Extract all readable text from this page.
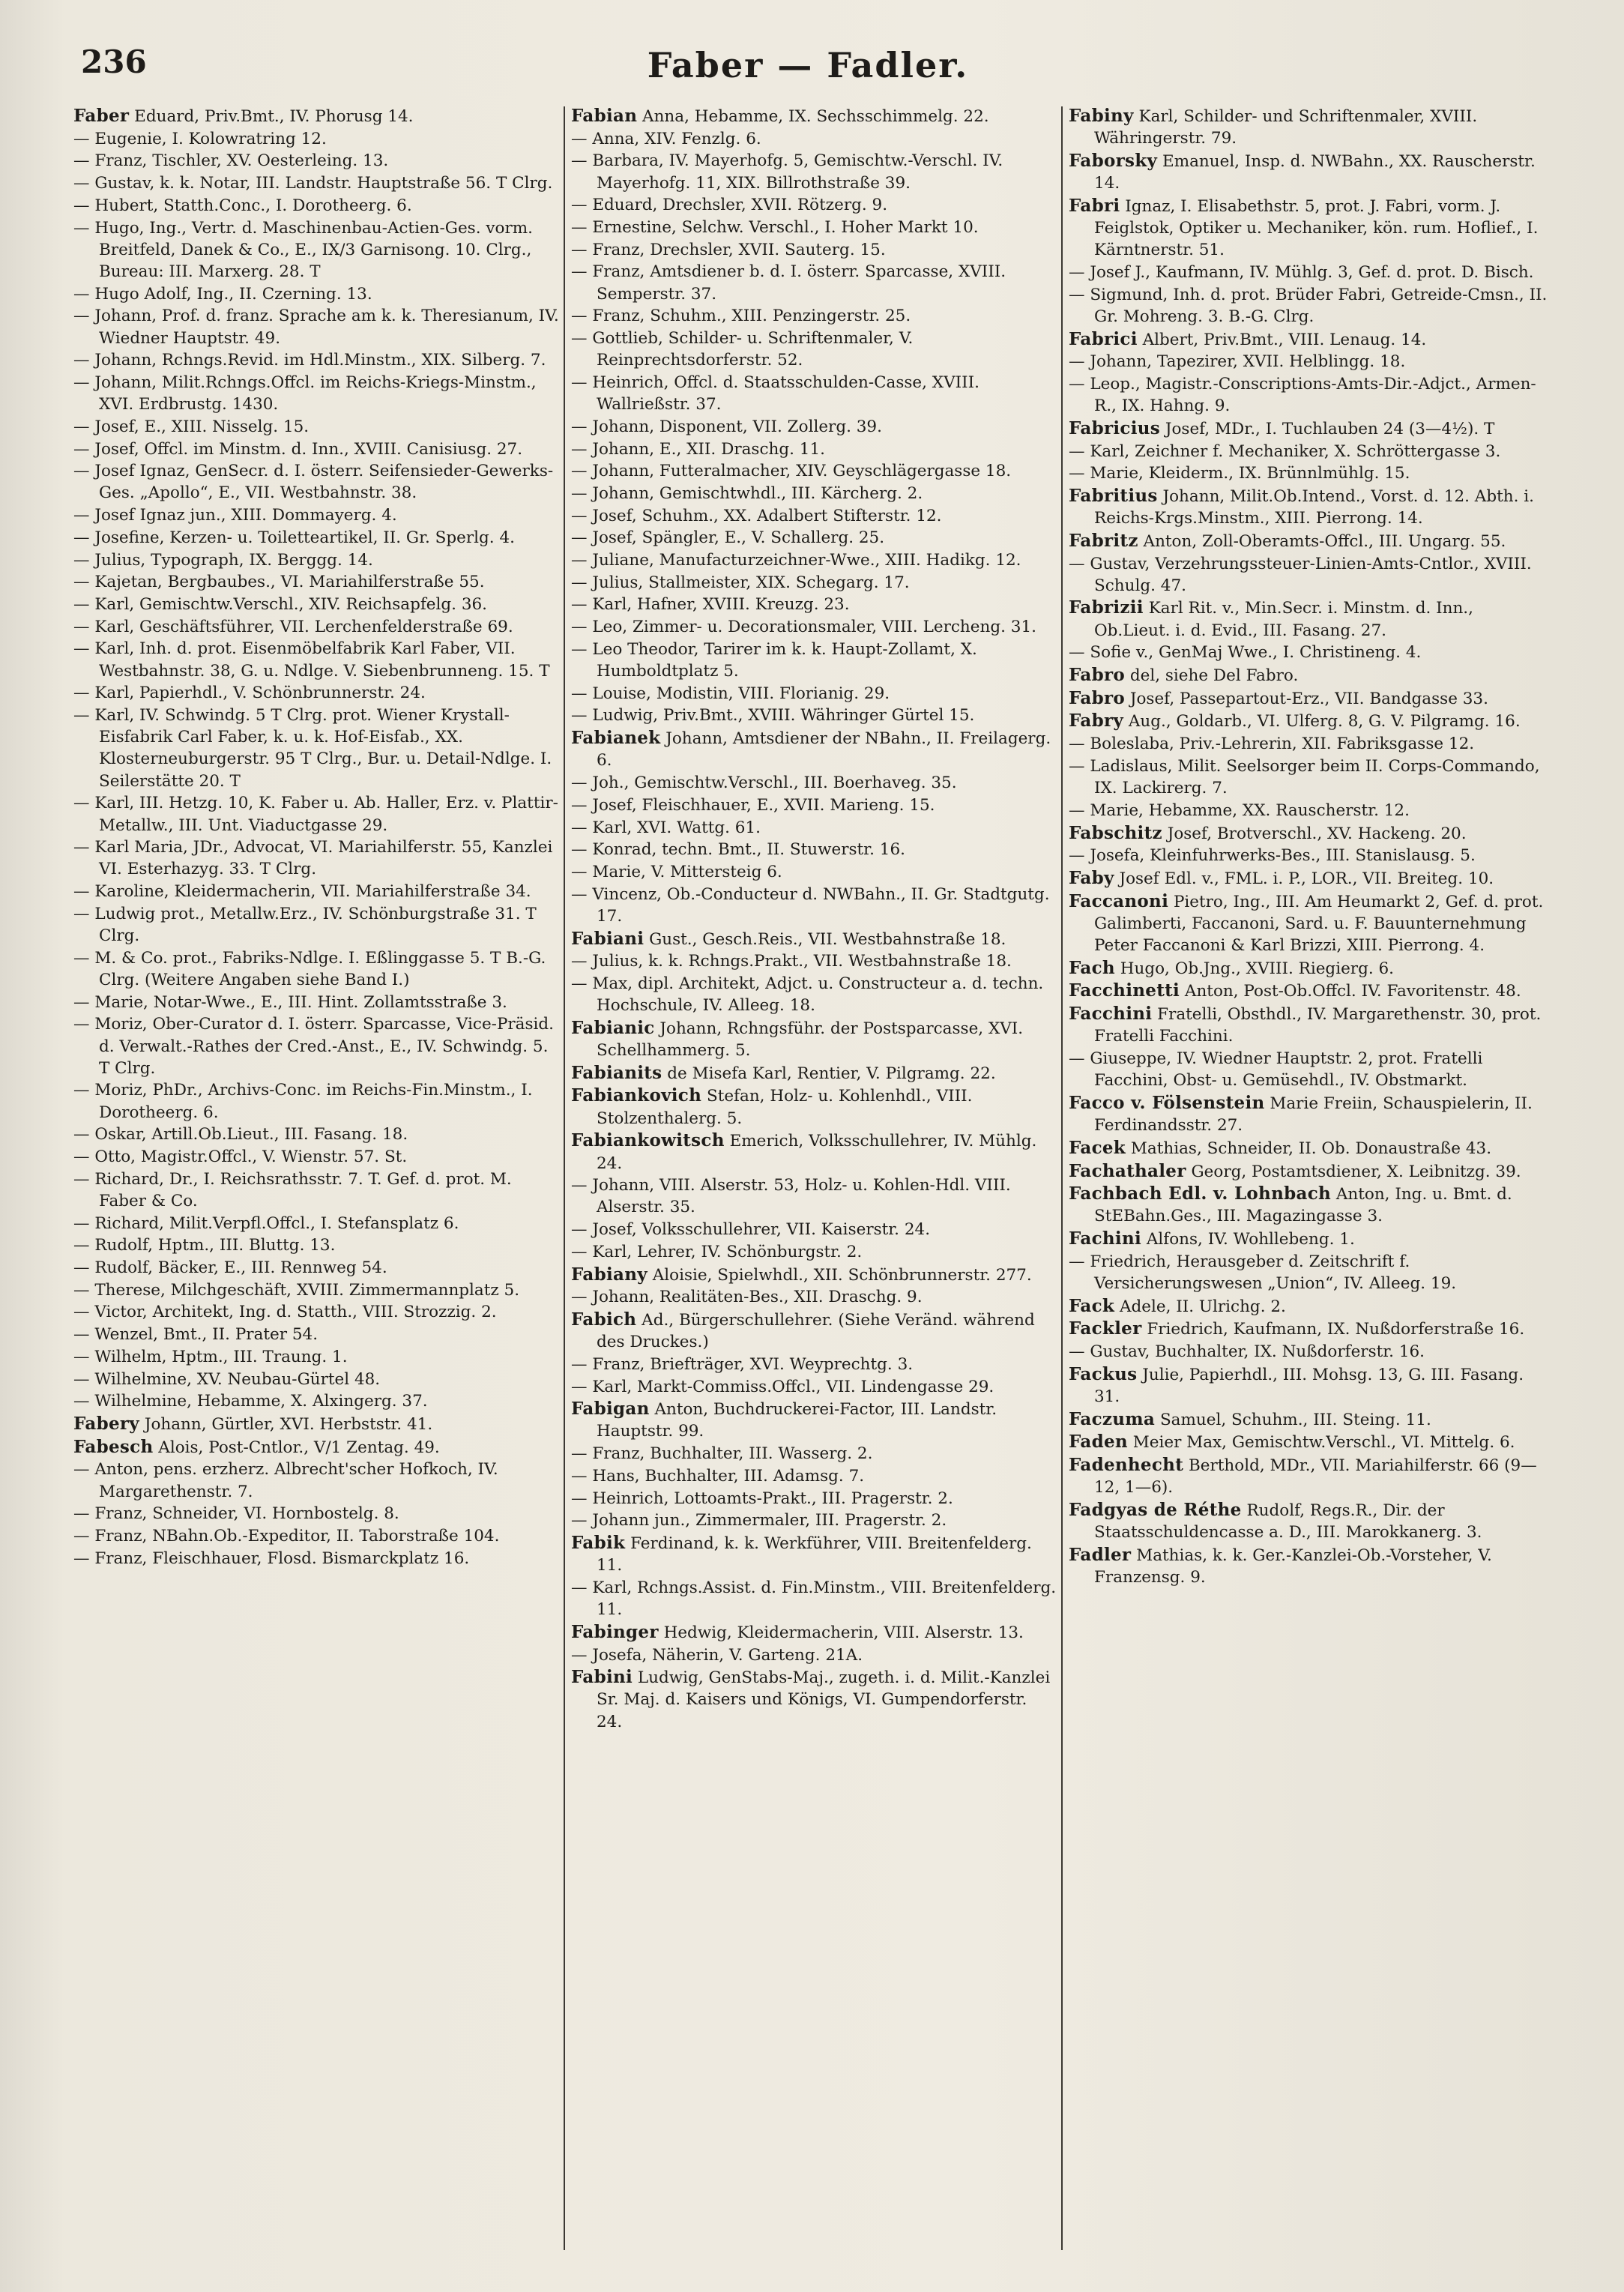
236	Faber — Fadler.
Faber Eduard, Priv.Bmt., IV. Phorusg 14.
— Eugenie, I. Kolowratring 12.
— Franz, Tischler, XV. Oesterleing. 13.
— Gustav, k. k. Notar, III. Landstr. Hauptstraße 56. T Clrg.
— Hubert, Statth.Conc., I. Dorotheerg. 6.
— Hugo, Ing., Vertr. d. Maschinenbau-Actien-Ges. vorm. Breitfeld, Danek & Co., E., IX/3 Garnisong. 10. Clrg., Bureau: III. Marxerg. 28. T
— Hugo Adolf, Ing., II. Czerning. 13.
— Johann, Prof. d. franz. Sprache am k. k. Theresianum, IV. Wiedner Hauptstr. 49.
— Johann, Rchngs.Revid. im Hdl.Minstm., XIX. Silberg. 7.
— Johann, Milit.Rchngs.Offcl. im Reichs-Kriegs-Minstm., XVI. Erdbrustg. 1430.
— Josef, E., XIII. Nisselg. 15.
— Josef, Offcl. im Minstm. d. Inn., XVIII. Canisiusg. 27.
— Josef Ignaz, GenSecr. d. I. österr. Seifensieder-Gewerks-Ges. „Apollo“, E., VII. Westbahnstr. 38.
— Josef Ignaz jun., XIII. Dommayerg. 4.
— Josefine, Kerzen- u. Toiletteartikel, II. Gr. Sperlg. 4.
— Julius, Typograph, IX. Berggg. 14.
— Kajetan, Bergbaubes., VI. Mariahilferstraße 55.
— Karl, Gemischtw.Verschl., XIV. Reichsapfelg. 36.
— Karl, Geschäftsführer, VII. Lerchenfelderstraße 69.
— Karl, Inh. d. prot. Eisenmöbelfabrik Karl Faber, VII. Westbahnstr. 38, G. u. Ndlge. V. Siebenbrunneng. 15. T
— Karl, Papierhdl., V. Schönbrunnerstr. 24.
— Karl, IV. Schwindg. 5 T Clrg. prot. Wiener Krystall-Eisfabrik Carl Faber, k. u. k. Hof-Eisfab., XX. Klosterneuburgerstr. 95 T Clrg., Bur. u. Detail-Ndlge. I. Seilerstätte 20. T
— Karl, III. Hetzg. 10, K. Faber u. Ab. Haller, Erz. v. Plattir-Metallw., III. Unt. Viaductgasse 29.
— Karl Maria, JDr., Advocat, VI. Mariahilferstr. 55, Kanzlei VI. Esterhazyg. 33. T Clrg.
— Karoline, Kleidermacherin, VII. Mariahilferstraße 34.
— Ludwig prot., Metallw.Erz., IV. Schönburgstraße 31. T Clrg.
— M. & Co. prot., Fabriks-Ndlge. I. Eßlinggasse 5. T B.-G. Clrg. (Weitere Angaben siehe Band I.)
— Marie, Notar-Wwe., E., III. Hint. Zollamtsstraße 3.
— Moriz, Ober-Curator d. I. österr. Sparcasse, Vice-Präsid. d. Verwalt.-Rathes der Cred.-Anst., E., IV. Schwindg. 5. T Clrg.
— Moriz, PhDr., Archivs-Conc. im Reichs-Fin.Minstm., I. Dorotheerg. 6.
— Oskar, Artill.Ob.Lieut., III. Fasang. 18.
— Otto, Magistr.Offcl., V. Wienstr. 57. St.
— Richard, Dr., I. Reichsrathsstr. 7. T. Gef. d. prot. M. Faber & Co.
— Richard, Milit.Verpfl.Offcl., I. Stefansplatz 6.
— Rudolf, Hptm., III. Bluttg. 13.
— Rudolf, Bäcker, E., III. Rennweg 54.
— Therese, Milchgeschäft, XVIII. Zimmermannplatz 5.
— Victor, Architekt, Ing. d. Statth., VIII. Strozzig. 2.
— Wenzel, Bmt., II. Prater 54.
— Wilhelm, Hptm., III. Traung. 1.
— Wilhelmine, XV. Neubau-Gürtel 48.
— Wilhelmine, Hebamme, X. Alxingerg. 37.
Fabery Johann, Gürtler, XVI. Herbststr. 41.
Fabesch Alois, Post-Cntlor., V/1 Zentag. 49.
— Anton, pens. erzherz. Albrecht'scher Hofkoch, IV. Margarethenstr. 7.
— Franz, Schneider, VI. Hornbostelg. 8.
— Franz, NBahn.Ob.-Expeditor, II. Taborstraße 104.
— Franz, Fleischhauer, Flosd. Bismarckplatz 16.
Fabian Anna, Hebamme, IX. Sechsschimmelg. 22.
— Anna, XIV. Fenzlg. 6.
— Barbara, IV. Mayerhofg. 5, Gemischtw.-Verschl. IV. Mayerhofg. 11, XIX. Billrothstraße 39.
— Eduard, Drechsler, XVII. Rötzerg. 9.
— Ernestine, Selchw. Verschl., I. Hoher Markt 10.
— Franz, Drechsler, XVII. Sauterg. 15.
— Franz, Amtsdiener b. d. I. österr. Sparcasse, XVIII. Semperstr. 37.
— Franz, Schuhm., XIII. Penzingerstr. 25.
— Gottlieb, Schilder- u. Schriftenmaler, V. Reinprechtsdorferstr. 52.
— Heinrich, Offcl. d. Staatsschulden-Casse, XVIII. Wallrießstr. 37.
— Johann, Disponent, VII. Zollerg. 39.
— Johann, E., XII. Draschg. 11.
— Johann, Futteralmacher, XIV. Geyschlägergasse 18.
— Johann, Gemischtwhdl., III. Kärcherg. 2.
— Josef, Schuhm., XX. Adalbert Stifterstr. 12.
— Josef, Spängler, E., V. Schallerg. 25.
— Juliane, Manufacturzeichner-Wwe., XIII. Hadikg. 12.
— Julius, Stallmeister, XIX. Schegarg. 17.
— Karl, Hafner, XVIII. Kreuzg. 23.
— Leo, Zimmer- u. Decorationsmaler, VIII. Lercheng. 31.
— Leo Theodor, Tarirer im k. k. Haupt-Zollamt, X. Humboldtplatz 5.
— Louise, Modistin, VIII. Florianig. 29.
— Ludwig, Priv.Bmt., XVIII. Währinger Gürtel 15.
Fabianek Johann, Amtsdiener der NBahn., II. Freilagerg. 6.
— Joh., Gemischtw.Verschl., III. Boerhaveg. 35.
— Josef, Fleischhauer, E., XVII. Marieng. 15.
— Karl, XVI. Wattg. 61.
— Konrad, techn. Bmt., II. Stuwerstr. 16.
— Marie, V. Mittersteig 6.
— Vincenz, Ob.-Conducteur d. NWBahn., II. Gr. Stadtgutg. 17.
Fabiani Gust., Gesch.Reis., VII. Westbahnstraße 18.
— Julius, k. k. Rchngs.Prakt., VII. Westbahnstraße 18.
— Max, dipl. Architekt, Adjct. u. Constructeur a. d. techn. Hochschule, IV. Alleeg. 18.
Fabianic Johann, Rchngsführ. der Postsparcasse, XVI. Schellhammerg. 5.
Fabianits de Misefa Karl, Rentier, V. Pilgramg. 22.
Fabiankovich Stefan, Holz- u. Kohlenhdl., VIII. Stolzenthalerg. 5.
Fabiankowitsch Emerich, Volksschullehrer, IV. Mühlg. 24.
— Johann, VIII. Alserstr. 53, Holz- u. Kohlen-Hdl. VIII. Alserstr. 35.
— Josef, Volksschullehrer, VII. Kaiserstr. 24.
— Karl, Lehrer, IV. Schönburgstr. 2.
Fabiany Aloisie, Spielwhdl., XII. Schönbrunnerstr. 277.
— Johann, Realitäten-Bes., XII. Draschg. 9.
Fabich Ad., Bürgerschullehrer. (Siehe Veränd. während des Druckes.)
— Franz, Briefträger, XVI. Weyprechtg. 3.
— Karl, Markt-Commiss.Offcl., VII. Lindengasse 29.
Fabigan Anton, Buchdruckerei-Factor, III. Landstr. Hauptstr. 99.
— Franz, Buchhalter, III. Wasserg. 2.
— Hans, Buchhalter, III. Adamsg. 7.
— Heinrich, Lottoamts-Prakt., III. Pragerstr. 2.
— Johann jun., Zimmermaler, III. Pragerstr. 2.
Fabik Ferdinand, k. k. Werkführer, VIII. Breitenfelderg. 11.
— Karl, Rchngs.Assist. d. Fin.Minstm., VIII. Breitenfelderg. 11.
Fabinger Hedwig, Kleidermacherin, VIII. Alserstr. 13.
— Josefa, Näherin, V. Garteng. 21A.
Fabini Ludwig, GenStabs-Maj., zugeth. i. d. Milit.-Kanzlei Sr. Maj. d. Kaisers und Königs, VI. Gumpendorferstr. 24.
Fabiny Karl, Schilder- und Schriftenmaler, XVIII. Währingerstr. 79.
Faborsky Emanuel, Insp. d. NWBahn., XX. Rauscherstr. 14.
Fabri Ignaz, I. Elisabethstr. 5, prot. J. Fabri, vorm. J. Feiglstok, Optiker u. Mechaniker, kön. rum. Hoflief., I. Kärntnerstr. 51.
— Josef J., Kaufmann, IV. Mühlg. 3, Gef. d. prot. D. Bisch.
— Sigmund, Inh. d. prot. Brüder Fabri, Getreide-Cmsn., II. Gr. Mohreng. 3. B.-G. Clrg.
Fabrici Albert, Priv.Bmt., VIII. Lenaug. 14.
— Johann, Tapezirer, XVII. Helblingg. 18.
— Leop., Magistr.-Conscriptions-Amts-Dir.-Adjct., Armen-R., IX. Hahng. 9.
Fabricius Josef, MDr., I. Tuchlauben 24 (3—4½). T
— Karl, Zeichner f. Mechaniker, X. Schröttergasse 3.
— Marie, Kleiderm., IX. Brünnlmühlg. 15.
Fabritius Johann, Milit.Ob.Intend., Vorst. d. 12. Abth. i. Reichs-Krgs.Minstm., XIII. Pierrong. 14.
Fabritz Anton, Zoll-Oberamts-Offcl., III. Ungarg. 55.
— Gustav, Verzehrungssteuer-Linien-Amts-Cntlor., XVIII. Schulg. 47.
Fabrizii Karl Rit. v., Min.Secr. i. Minstm. d. Inn., Ob.Lieut. i. d. Evid., III. Fasang. 27.
— Sofie v., GenMaj Wwe., I. Christineng. 4.
Fabro del, siehe Del Fabro.
Fabro Josef, Passepartout-Erz., VII. Bandgasse 33.
Fabry Aug., Goldarb., VI. Ulferg. 8, G. V. Pilgramg. 16.
— Boleslaba, Priv.-Lehrerin, XII. Fabriksgasse 12.
— Ladislaus, Milit. Seelsorger beim II. Corps-Commando, IX. Lackirerg. 7.
— Marie, Hebamme, XX. Rauscherstr. 12.
Fabschitz Josef, Brotverschl., XV. Hackeng. 20.
— Josefa, Kleinfuhrwerks-Bes., III. Stanislausg. 5.
Faby Josef Edl. v., FML. i. P., LOR., VII. Breiteg. 10.
Faccanoni Pietro, Ing., III. Am Heumarkt 2, Gef. d. prot. Galimberti, Faccanoni, Sard. u. F. Bauunternehmung Peter Faccanoni & Karl Brizzi, XIII. Pierrong. 4.
Fach Hugo, Ob.Jng., XVIII. Riegierg. 6.
Facchinetti Anton, Post-Ob.Offcl. IV. Favoritenstr. 48.
Facchini Fratelli, Obsthdl., IV. Margarethenstr. 30, prot. Fratelli Facchini.
— Giuseppe, IV. Wiedner Hauptstr. 2, prot. Fratelli Facchini, Obst- u. Gemüsehdl., IV. Obstmarkt.
Facco v. Fölsenstein Marie Freiin, Schauspielerin, II. Ferdinandsstr. 27.
Facek Mathias, Schneider, II. Ob. Donaustraße 43.
Fachathaler Georg, Postamtsdiener, X. Leibnitzg. 39.
Fachbach Edl. v. Lohnbach Anton, Ing. u. Bmt. d. StEBahn.Ges., III. Magazingasse 3.
Fachini Alfons, IV. Wohllebeng. 1.
— Friedrich, Herausgeber d. Zeitschrift f. Versicherungswesen „Union“, IV. Alleeg. 19.
Fack Adele, II. Ulrichg. 2.
Fackler Friedrich, Kaufmann, IX. Nußdorferstraße 16.
— Gustav, Buchhalter, IX. Nußdorferstr. 16.
Fackus Julie, Papierhdl., III. Mohsg. 13, G. III. Fasang. 31.
Faczuma Samuel, Schuhm., III. Steing. 11.
Faden Meier Max, Gemischtw.Verschl., VI. Mittelg. 6.
Fadenhecht Berthold, MDr., VII. Mariahilferstr. 66 (9—12, 1—6).
Fadgyas de Réthe Rudolf, Regs.R., Dir. der Staatsschuldencasse a. D., III. Marokkanerg. 3.
Fadler Mathias, k. k. Ger.-Kanzlei-Ob.-Vorsteher, V. Franzensg. 9.
